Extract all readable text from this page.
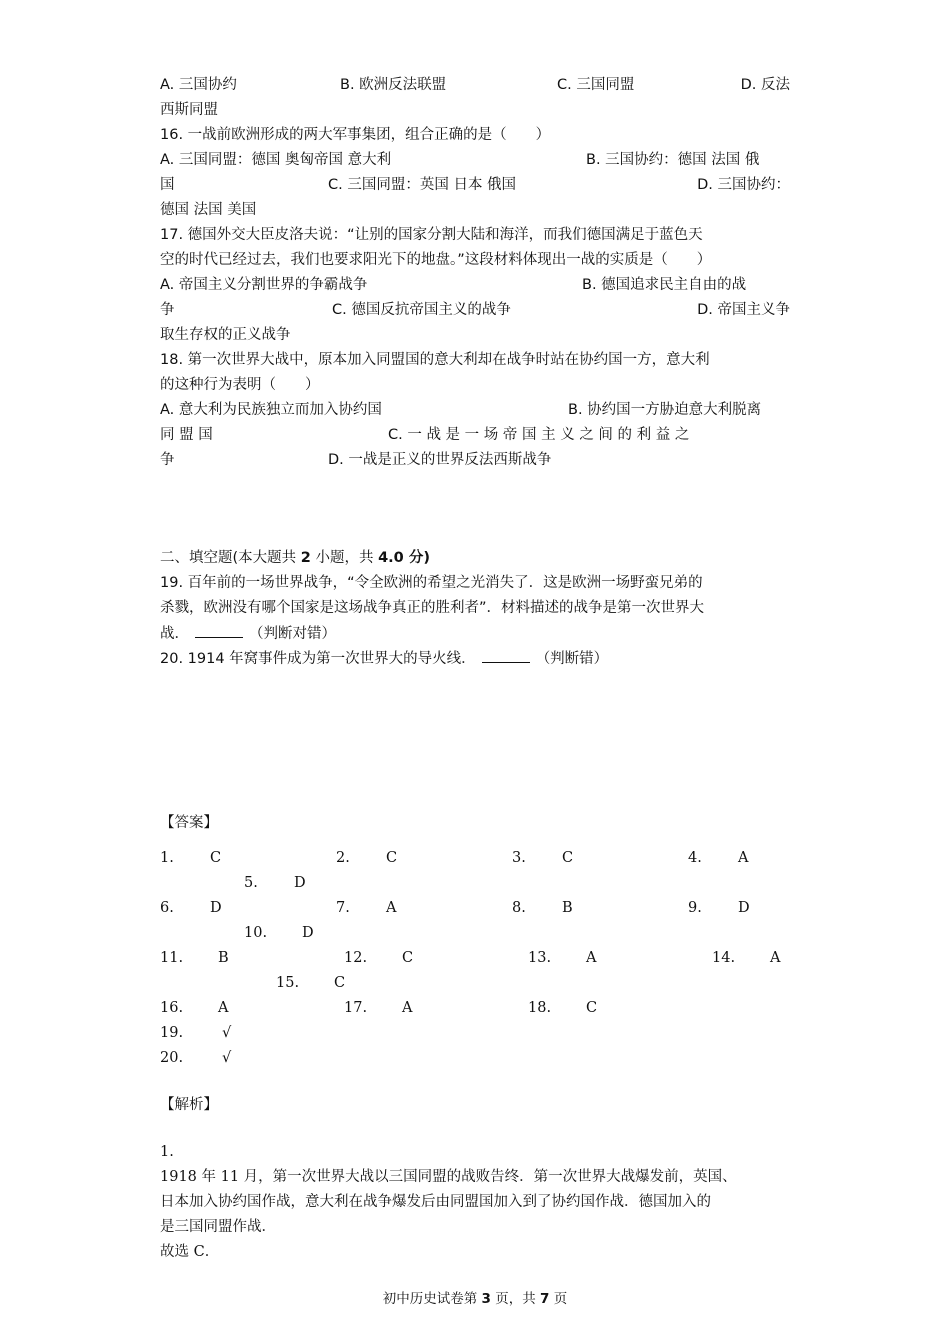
A. 三国协约	B. 欧洲反法联盟	C. 三国同盟	D. 反法
西斯同盟
16. 一战前欧洲形成的两大军事集团，组合正确的是（　　）
A. 三国同盟：德国 奥匈帝国 意大利	B. 三国协约：德国 法国 俄
国	C. 三国同盟：英国 日本 俄国	D. 三国协约：
德国 法国 美国
17. 德国外交大臣皮洛夫说：“让别的国家分割大陆和海洋，而我们德国满足于蓝色天
空的时代已经过去，我们也要求阳光下的地盘。”这段材料体现出一战的实质是（　　）
A. 帝国主义分割世界的争霸战争	B. 德国追求民主自由的战
争	C. 德国反抗帝国主义的战争	D. 帝国主义争
取生存权的正义战争
18. 第一次世界大战中，原本加入同盟国的意大利却在战争时站在协约国一方，意大利
的这种行为表明（　　）
A. 意大利为民族独立而加入协约国	B. 协约国一方胁迫意大利脱离
同 盟 国	C. 一 战 是 一 场 帝 国 主 义 之 间 的 利 益 之
争	D. 一战是正义的世界反法西斯战争
二、填空题(本大题共 2 小题，共 4.0 分)
19. 百年前的一场世界战争，“令全欧洲的希望之光消失了．这是欧洲一场野蛮兄弟的
杀戮，欧洲没有哪个国家是这场战争真正的胜利者”．材料描述的战争是第一次世界大
战．	（判断对错）
20. 1914 年窝事件成为第一次世界大的导火线．	（判断错）
【答案】
1. C	2. C	3. C	4. A
5. D
6. D	7. A	8. B	9. D
10. D
11. B	12. C	13. A	14. A
15. C
16. A	17. A	18. C
19.	√
20.	√
【解析】
1.
1918 年 11 月，第一次世界大战以三国同盟的战败告终．第一次世界大战爆发前，英国、
日本加入协约国作战，意大利在战争爆发后由同盟国加入到了协约国作战．德国加入的
是三国同盟作战．
故选 C．
初中历史试卷第 3 页，共 7 页
